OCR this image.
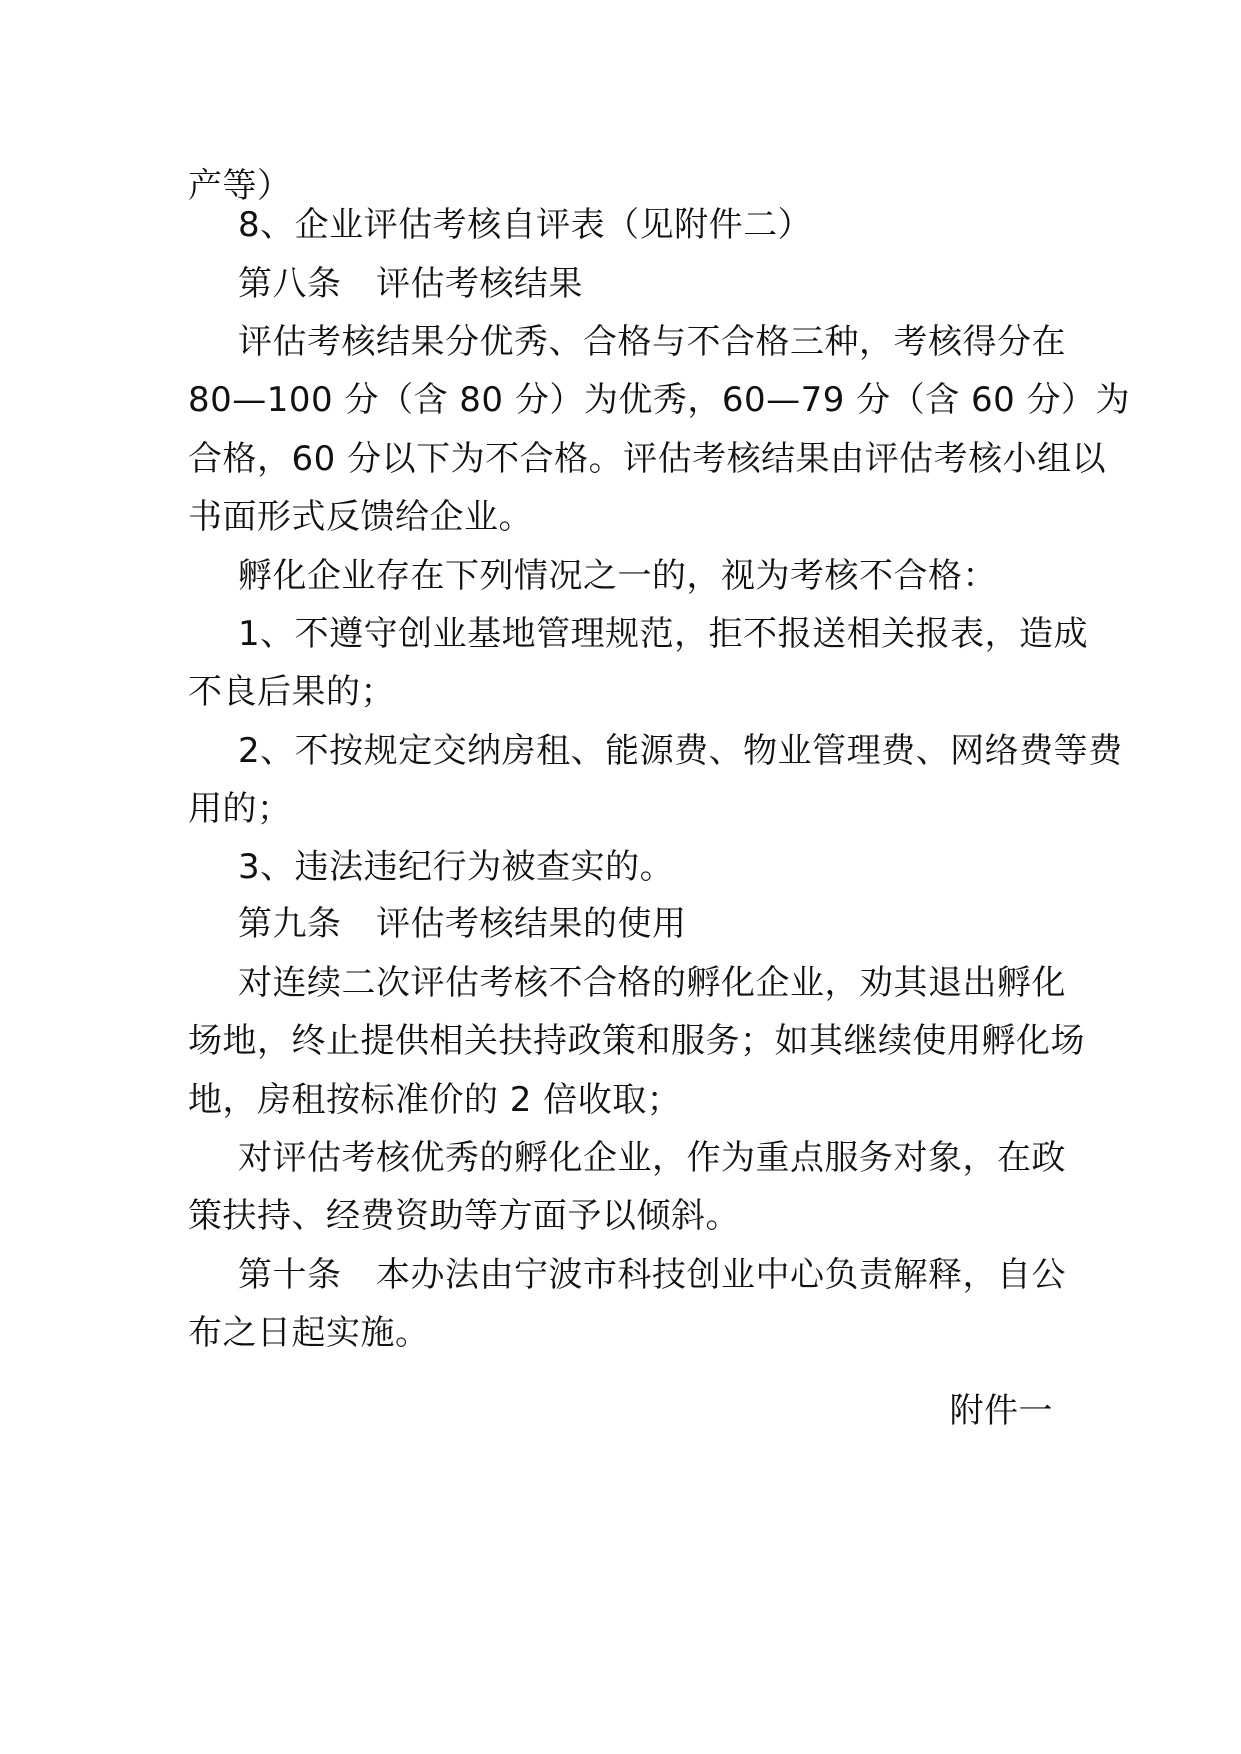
产等）
8、企业评估考核自评表（见附件二）
第八条　评估考核结果
评估考核结果分优秀、合格与不合格三种，考核得分在
80—100 分（含 80 分）为优秀，60—79 分（含 60 分）为
合格，60 分以下为不合格。评估考核结果由评估考核小组以
书面形式反馈给企业。
孵化企业存在下列情况之一的，视为考核不合格：
1、不遵守创业基地管理规范，拒不报送相关报表，造成
不良后果的；
2、不按规定交纳房租、能源费、物业管理费、网络费等费
用的；
3、违法违纪行为被查实的。
第九条　评估考核结果的使用
对连续二次评估考核不合格的孵化企业，劝其退出孵化
场地，终止提供相关扶持政策和服务；如其继续使用孵化场
地，房租按标准价的 2 倍收取；
对评估考核优秀的孵化企业，作为重点服务对象，在政
策扶持、经费资助等方面予以倾斜。
第十条　本办法由宁波市科技创业中心负责解释，自公
布之日起实施。
附件一
